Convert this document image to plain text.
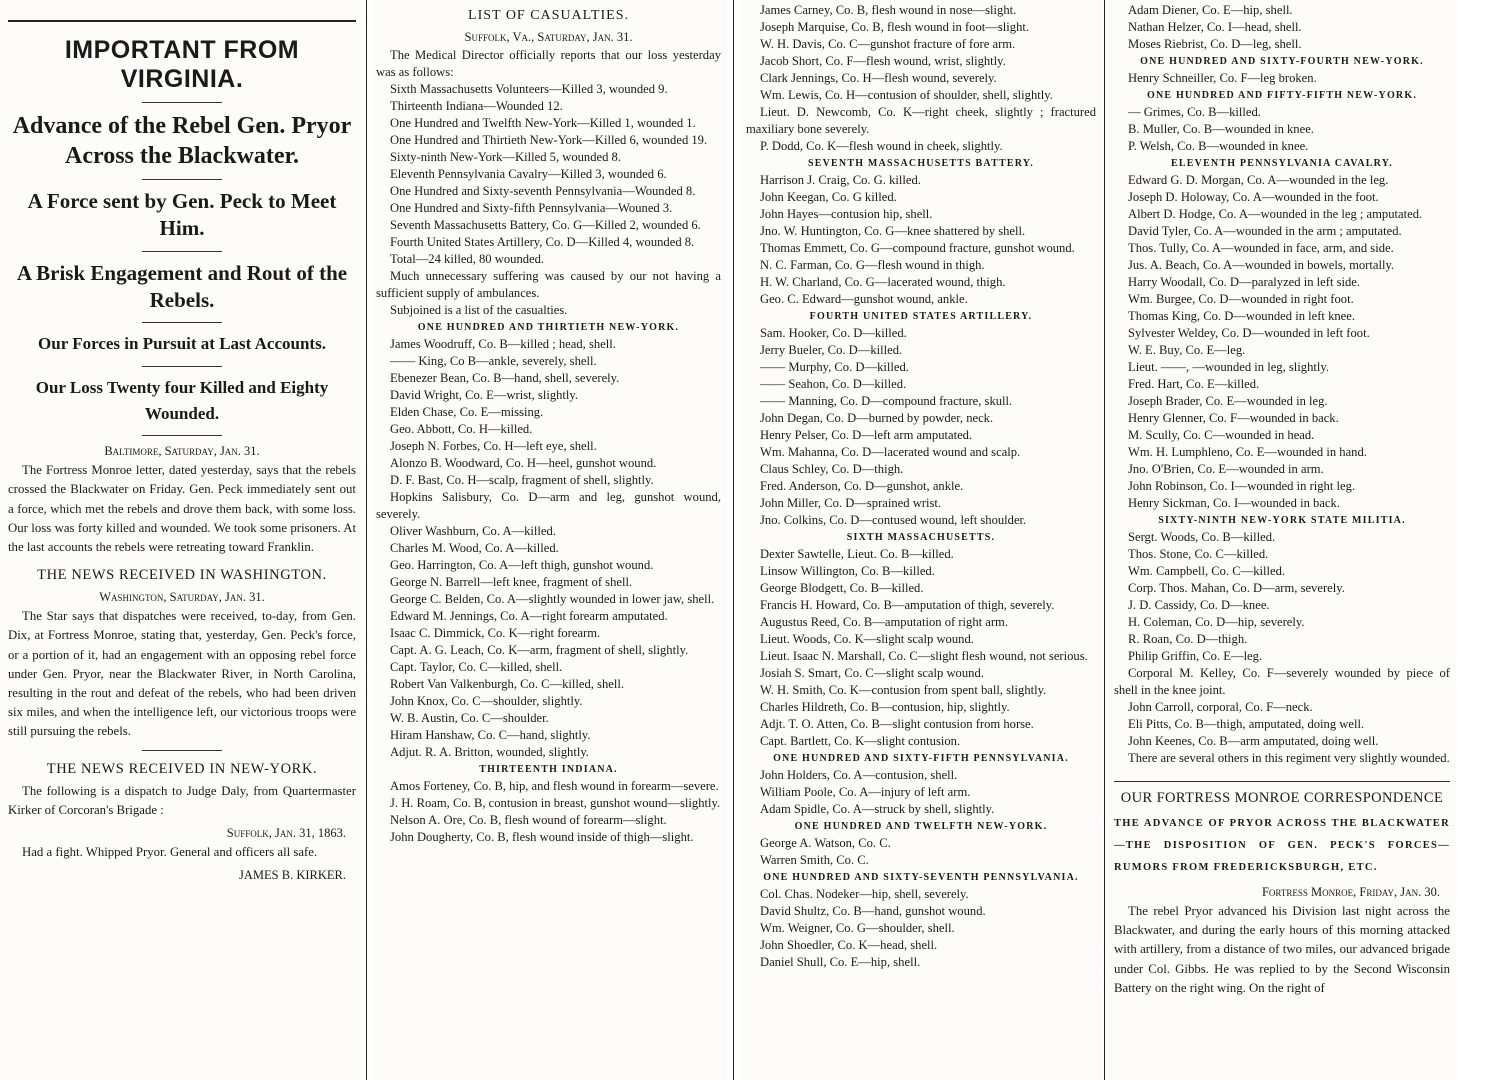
IMPORTANT FROM VIRGINIA.
Advance of the Rebel Gen. Pryor Across the Blackwater.
A Force sent by Gen. Peck to Meet Him.
A Brisk Engagement and Rout of the Rebels.
Our Forces in Pursuit at Last Accounts.
Our Loss Twenty four Killed and Eighty Wounded.
Baltimore, Saturday, Jan. 31.

The Fortress Monroe letter, dated yesterday, says that the rebels crossed the Blackwater on Friday. Gen. Peck immediately sent out a force, which met the rebels and drove them back, with some loss. Our loss was forty killed and wounded. We took some prisoners. At the last accounts the rebels were retreating toward Franklin.

THE NEWS RECEIVED IN WASHINGTON.
Washington, Saturday, Jan. 31.

The Star says that dispatches were received, to-day, from Gen. Dix, at Fortress Monroe, stating that, yesterday, Gen. Peck's force, or a portion of it, had an engagement with an opposing rebel force under Gen. Pryor, near the Blackwater River, in North Carolina, resulting in the rout and defeat of the rebels, who had been driven six miles, and when the intelligence left, our victorious troops were still pursuing the rebels.

THE NEWS RECEIVED IN NEW-YORK.

The following is a dispatch to Judge Daly, from Quartermaster Kirker of Corcoran's Brigade :

Suffolk, Jan. 31, 1863.

Had a fight. Whipped Pryor. General and officers all safe.

JAMES B. KIRKER.
LIST OF CASUALTIES.
Suffolk, Va., Saturday, Jan. 31.

The Medical Director officially reports that our loss yesterday was as follows:

Sixth Massachusetts Volunteers—Killed 3, wounded 9.

Thirteenth Indiana—Wounded 12.

One Hundred and Twelfth New-York—Killed 1, wounded 1.

One Hundred and Thirtieth New-York—Killed 6, wounded 19.

Sixty-ninth New-York—Killed 5, wounded 8.

Eleventh Pennsylvania Cavalry—Killed 3, wounded 6.

One Hundred and Sixty-seventh Pennsylvania—Wounded 8.

One Hundred and Sixty-fifth Pennsylvania—Wouned 3.

Seventh Massachusetts Battery, Co. G—Killed 2, wounded 6.

Fourth United States Artillery, Co. D—Killed 4, wounded 8.

Total—24 killed, 80 wounded.

Much unnecessary suffering was caused by our not having a sufficient supply of ambulances.

Subjoined is a list of the casualties.

ONE HUNDRED AND THIRTIETH NEW-YORK.

James Woodruff, Co. B—killed ; head, shell.

—— King, Co B—ankle, severely, shell.

Ebenezer Bean, Co. B—hand, shell, severely.

David Wright, Co. E—wrist, slightly.

Elden Chase, Co. E—missing.

Geo. Abbott, Co. H—killed.

Joseph N. Forbes, Co. H—left eye, shell.

Alonzo B. Woodward, Co. H—heel, gunshot wound.

D. F. Bast, Co. H—scalp, fragment of shell, slightly.

Hopkins Salisbury, Co. D—arm and leg, gunshot wound, severely.

Oliver Washburn, Co. A—killed.

Charles M. Wood, Co. A—killed.

Geo. Harrington, Co. A—left thigh, gunshot wound.

George N. Barrell—left knee, fragment of shell.

George C. Belden, Co. A—slightly wounded in lower jaw, shell.

Edward M. Jennings, Co. A—right forearm amputated.

Isaac C. Dimmick, Co. K—right forearm.

Capt. A. G. Leach, Co. K—arm, fragment of shell, slightly.

Capt. Taylor, Co. C—killed, shell.

Robert Van Valkenburgh, Co. C—killed, shell.

John Knox, Co. C—shoulder, slightly.

W. B. Austin, Co. C—shoulder.

Hiram Hanshaw, Co. C—hand, slightly.

Adjut. R. A. Britton, wounded, slightly.

THIRTEENTH INDIANA.

Amos Forteney, Co. B, hip, and flesh wound in forearm—severe.

J. H. Roam, Co. B, contusion in breast, gunshot wound—slightly.

Nelson A. Ore, Co. B, flesh wound of forearm—slight.

John Dougherty, Co. B, flesh wound inside of thigh—slight.

James Carney, Co. B, flesh wound in nose—slight.

Joseph Marquise, Co. B, flesh wound in foot—slight.

W. H. Davis, Co. C—gunshot fracture of fore arm.

Jacob Short, Co. F—flesh wound, wrist, slightly.

Clark Jennings, Co. H—flesh wound, severely.

Wm. Lewis, Co. H—contusion of shoulder, shell, slightly.

Lieut. D. Newcomb, Co. K—right cheek, slightly ; fractured maxiliary bone severely.

P. Dodd, Co. K—flesh wound in cheek, slightly.

SEVENTH MASSACHUSETTS BATTERY.

Harrison J. Craig, Co. G. killed.

John Keegan, Co. G killed.

John Hayes—contusion hip, shell.

Jno. W. Huntington, Co. G—knee shattered by shell.

Thomas Emmett, Co. G—compound fracture, gunshot wound.

N. C. Farman, Co. G—flesh wound in thigh.

H. W. Charland, Co. G—lacerated wound, thigh.

Geo. C. Edward—gunshot wound, ankle.

FOURTH UNITED STATES ARTILLERY.

Sam. Hooker, Co. D—killed.

Jerry Bueler, Co. D—killed.

—— Murphy, Co. D—killed.

—— Seahon, Co. D—killed.

—— Manning, Co. D—compound fracture, skull.

John Degan, Co. D—burned by powder, neck.

Henry Pelser, Co. D—left arm amputated.

Wm. Mahanna, Co. D—lacerated wound and scalp.

Claus Schley, Co. D—thigh.

Fred. Anderson, Co. D—gunshot, ankle.

John Miller, Co. D—sprained wrist.

Jno. Colkins, Co. D—contused wound, left shoulder.

SIXTH MASSACHUSETTS.

Dexter Sawtelle, Lieut. Co. B—killed.

Linsow Willington, Co. B—killed.

George Blodgett, Co. B—killed.

Francis H. Howard, Co. B—amputation of thigh, severely.

Augustus Reed, Co. B—amputation of right arm.

Lieut. Woods, Co. K—slight scalp wound.

Lieut. Isaac N. Marshall, Co. C—slight flesh wound, not serious.

Josiah S. Smart, Co. C—slight scalp wound.

W. H. Smith, Co. K—contusion from spent ball, slightly.

Charles Hildreth, Co. B—contusion, hip, slightly.

Adjt. T. O. Atten, Co. B—slight contusion from horse.

Capt. Bartlett, Co. K—slight contusion.

ONE HUNDRED AND SIXTY-FIFTH PENNSYLVANIA.

John Holders, Co. A—contusion, shell.

William Poole, Co. A—injury of left arm.

Adam Spidle, Co. A—struck by shell, slightly.

ONE HUNDRED AND TWELFTH NEW-YORK.

George A. Watson, Co. C.

Warren Smith, Co. C.

ONE HUNDRED AND SIXTY-SEVENTH PENNSYLVANIA.

Col. Chas. Nodeker—hip, shell, severely.

David Shultz, Co. B—hand, gunshot wound.

Wm. Weigner, Co. G—shoulder, shell.

John Shoedler, Co. K—head, shell.

Daniel Shull, Co. E—hip, shell.

Adam Diener, Co. E—hip, shell.

Nathan Helzer, Co. I—head, shell.

Moses Riebrist, Co. D—leg, shell.

ONE HUNDRED AND SIXTY-FOURTH NEW-YORK.

Henry Schneiller, Co. F—leg broken.

ONE HUNDRED AND FIFTY-FIFTH NEW-YORK.

— Grimes, Co. B—killed.

B. Muller, Co. B—wounded in knee.

P. Welsh, Co. B—wounded in knee.

ELEVENTH PENNSYLVANIA CAVALRY.

Edward G. D. Morgan, Co. A—wounded in the leg.

Joseph D. Holoway, Co. A—wounded in the foot.

Albert D. Hodge, Co. A—wounded in the leg ; amputated.

David Tyler, Co. A—wounded in the arm ; amputated.

Thos. Tully, Co. A—wounded in face, arm, and side.

Jus. A. Beach, Co. A—wounded in bowels, mortally.

Harry Woodall, Co. D—paralyzed in left side.

Wm. Burgee, Co. D—wounded in right foot.

Thomas King, Co. D—wounded in left knee.

Sylvester Weldey, Co. D—wounded in left foot.

W. E. Buy, Co. E—leg.

Lieut. ——, —wounded in leg, slightly.

Fred. Hart, Co. E—killed.

Joseph Brader, Co. E—wounded in leg.

Henry Glenner, Co. F—wounded in back.

M. Scully, Co. C—wounded in head.

Wm. H. Lumphleno, Co. E—wounded in hand.

Jno. O'Brien, Co. E—wounded in arm.

John Robinson, Co. I—wounded in right leg.

Henry Sickman, Co. I—wounded in back.

SIXTY-NINTH NEW-YORK STATE MILITIA.

Sergt. Woods, Co. B—killed.

Thos. Stone, Co. C—killed.

Wm. Campbell, Co. C—killed.

Corp. Thos. Mahan, Co. D—arm, severely.

J. D. Cassidy, Co. D—knee.

H. Coleman, Co. D—hip, severely.

R. Roan, Co. D—thigh.

Philip Griffin, Co. E—leg.

Corporal M. Kelley, Co. F—severely wounded by piece of shell in the knee joint.

John Carroll, corporal, Co. F—neck.

Eli Pitts, Co. B—thigh, amputated, doing well.

John Keenes, Co. B—arm amputated, doing well.

There are several others in this regiment very slightly wounded.

OUR FORTRESS MONROE CORRESPONDENCE

THE ADVANCE OF PRYOR ACROSS THE BLACKWATER—THE DISPOSITION OF GEN. PECK'S FORCES—RUMORS FROM FREDERICKSBURGH, ETC.

Fortress Monroe, Friday, Jan. 30.

The rebel Pryor advanced his Division last night across the Blackwater, and during the early hours of this morning attacked with artillery, from a distance of two miles, our advanced brigade under Col. Gibbs. He was replied to by the Second Wisconsin Battery on the right wing. On the right of
